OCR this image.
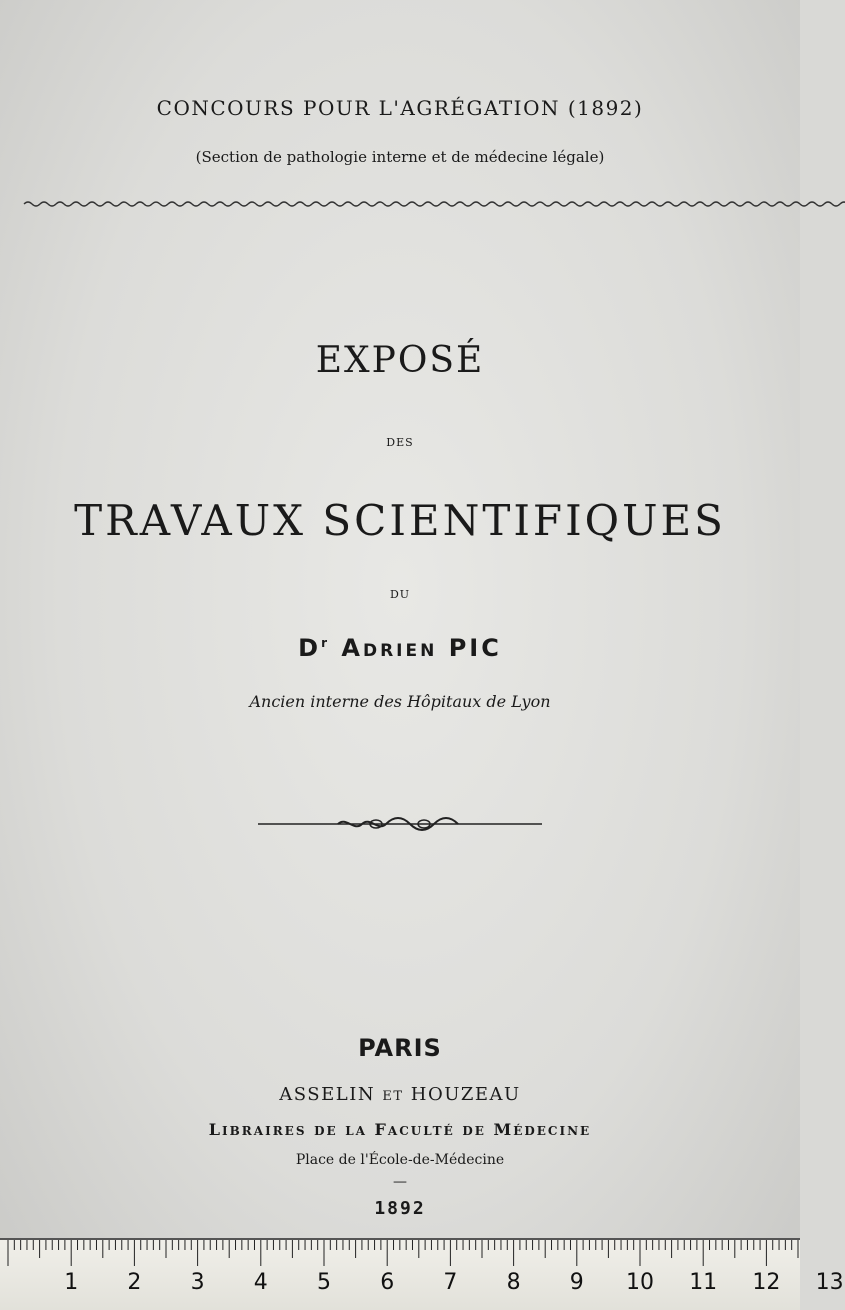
CONCOURS POUR L'AGRÉGATION (1892)
(Section de pathologie interne et de médecine légale)
EXPOSÉ
DES
TRAVAUX SCIENTIFIQUES
DU
$D^r$ ADRIEN PIC
Ancien interne des Hôpitaux de Lyon
PARIS
ASSELIN ET HOUZEAU
LIBRAIRES DE LA FACULTÉ DE MÉDECINE
Place de l'École-de-Médecine
—
1892
1	2	3	4	5	6	7	8	9	10 11 12 13
